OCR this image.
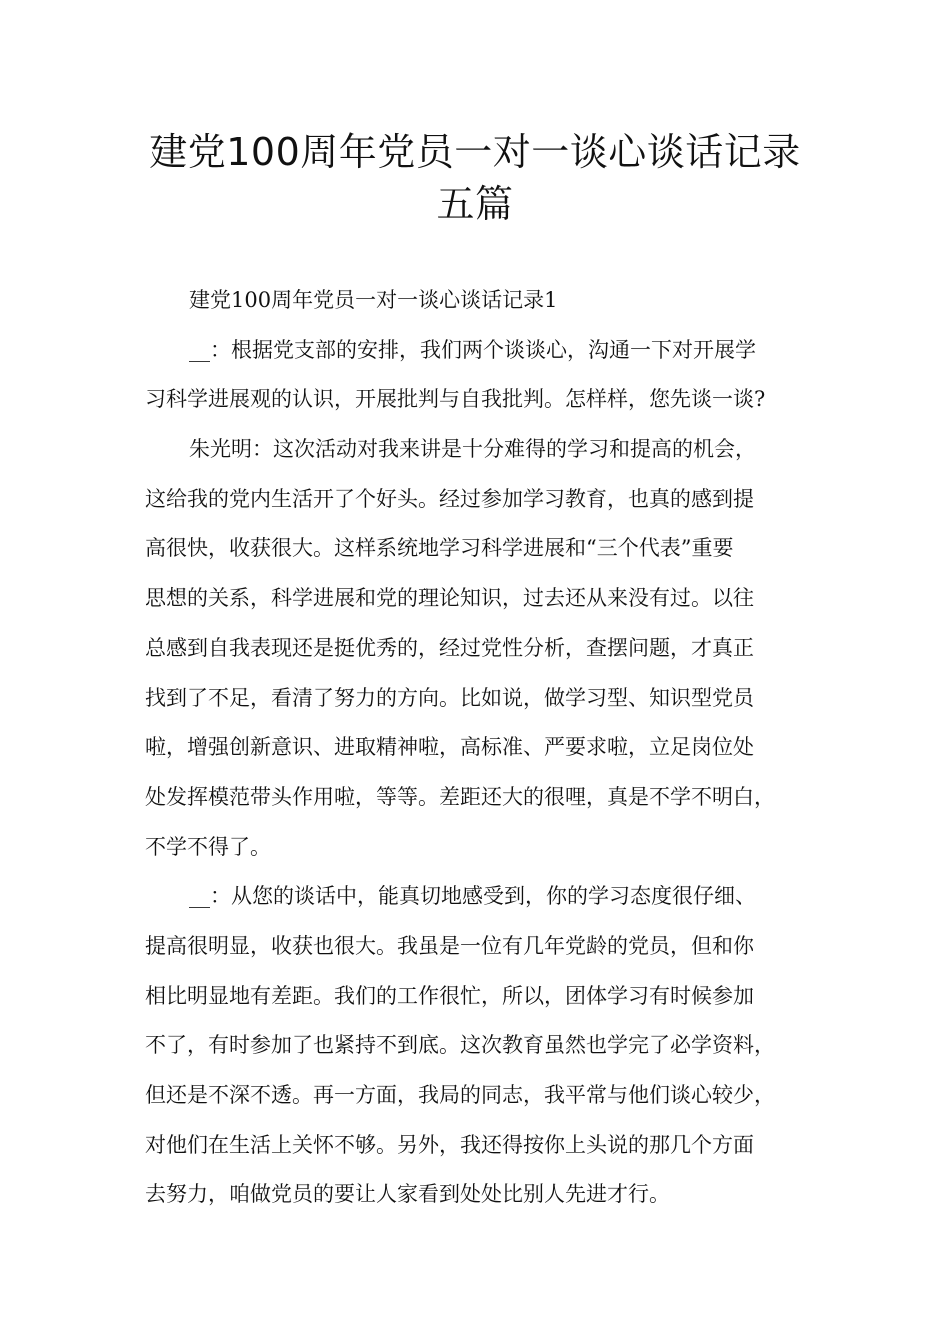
建党100周年党员一对一谈心谈话记录
五篇
建党100周年党员一对一谈心谈话记录1
__：根据党支部的安排，我们两个谈谈心，沟通一下对开展学
习科学进展观的认识，开展批判与自我批判。怎样样，您先谈一谈?
朱光明：这次活动对我来讲是十分难得的学习和提高的机会，
这给我的党内生活开了个好头。经过参加学习教育，也真的感到提
高很快，收获很大。这样系统地学习科学进展和“三个代表”重要
思想的关系，科学进展和党的理论知识，过去还从来没有过。以往
总感到自我表现还是挺优秀的，经过党性分析，查摆问题，才真正
找到了不足，看清了努力的方向。比如说，做学习型、知识型党员
啦，增强创新意识、进取精神啦，高标准、严要求啦，立足岗位处
处发挥模范带头作用啦，等等。差距还大的很哩，真是不学不明白，
不学不得了。
__：从您的谈话中，能真切地感受到，你的学习态度很仔细、
提高很明显，收获也很大。我虽是一位有几年党龄的党员，但和你
相比明显地有差距。我们的工作很忙，所以，团体学习有时候参加
不了，有时参加了也紧持不到底。这次教育虽然也学完了必学资料，
但还是不深不透。再一方面，我局的同志，我平常与他们谈心较少，
对他们在生活上关怀不够。另外，我还得按你上头说的那几个方面
去努力，咱做党员的要让人家看到处处比别人先进才行。
